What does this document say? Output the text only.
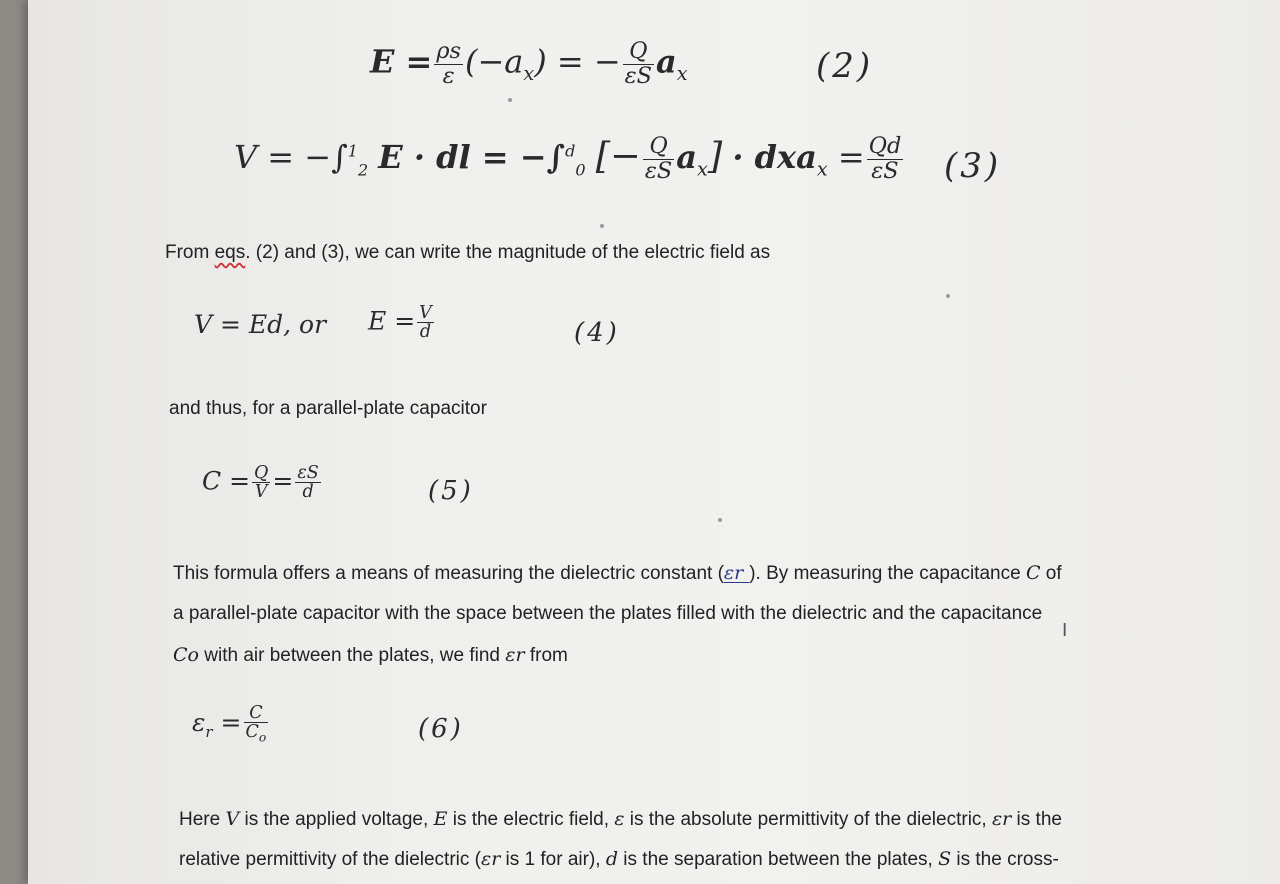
$E = \frac{\rho s}{\varepsilon} (-a_x)$ = − $\frac{Q}{\varepsilon S} a_x$	(2)
V = −∫$^1_2$ E · dl = −∫$^d_0$ [− $\frac{Q}{\varepsilon S} a_x] \cdot dxa_x = \frac{Qd}{\varepsilon S} (3)$
From eqs. (2) and (3), we can write the magnitude of the electric field as
V = Ed, or $E = \frac{V}{d}$	(4)
and thus, for a parallel-plate capacitor
$C = \frac{Q}{V} = \frac{\varepsilon S}{d}$	(5)
This formula offers a means of measuring the dielectric constant (εr ). By measuring the capacitance C of
a parallel-plate capacitor with the space between the plates filled with the dielectric and the capacitance
Co with air between the plates, we find εr from
I
$\varepsilon_r = \frac{C}{C_o}$	(6)
Here V is the applied voltage, E is the electric field, ε is the absolute permittivity of the dielectric, εr is the
relative permittivity of the dielectric (εr is 1 for air), d is the separation between the plates, S is the cross-
